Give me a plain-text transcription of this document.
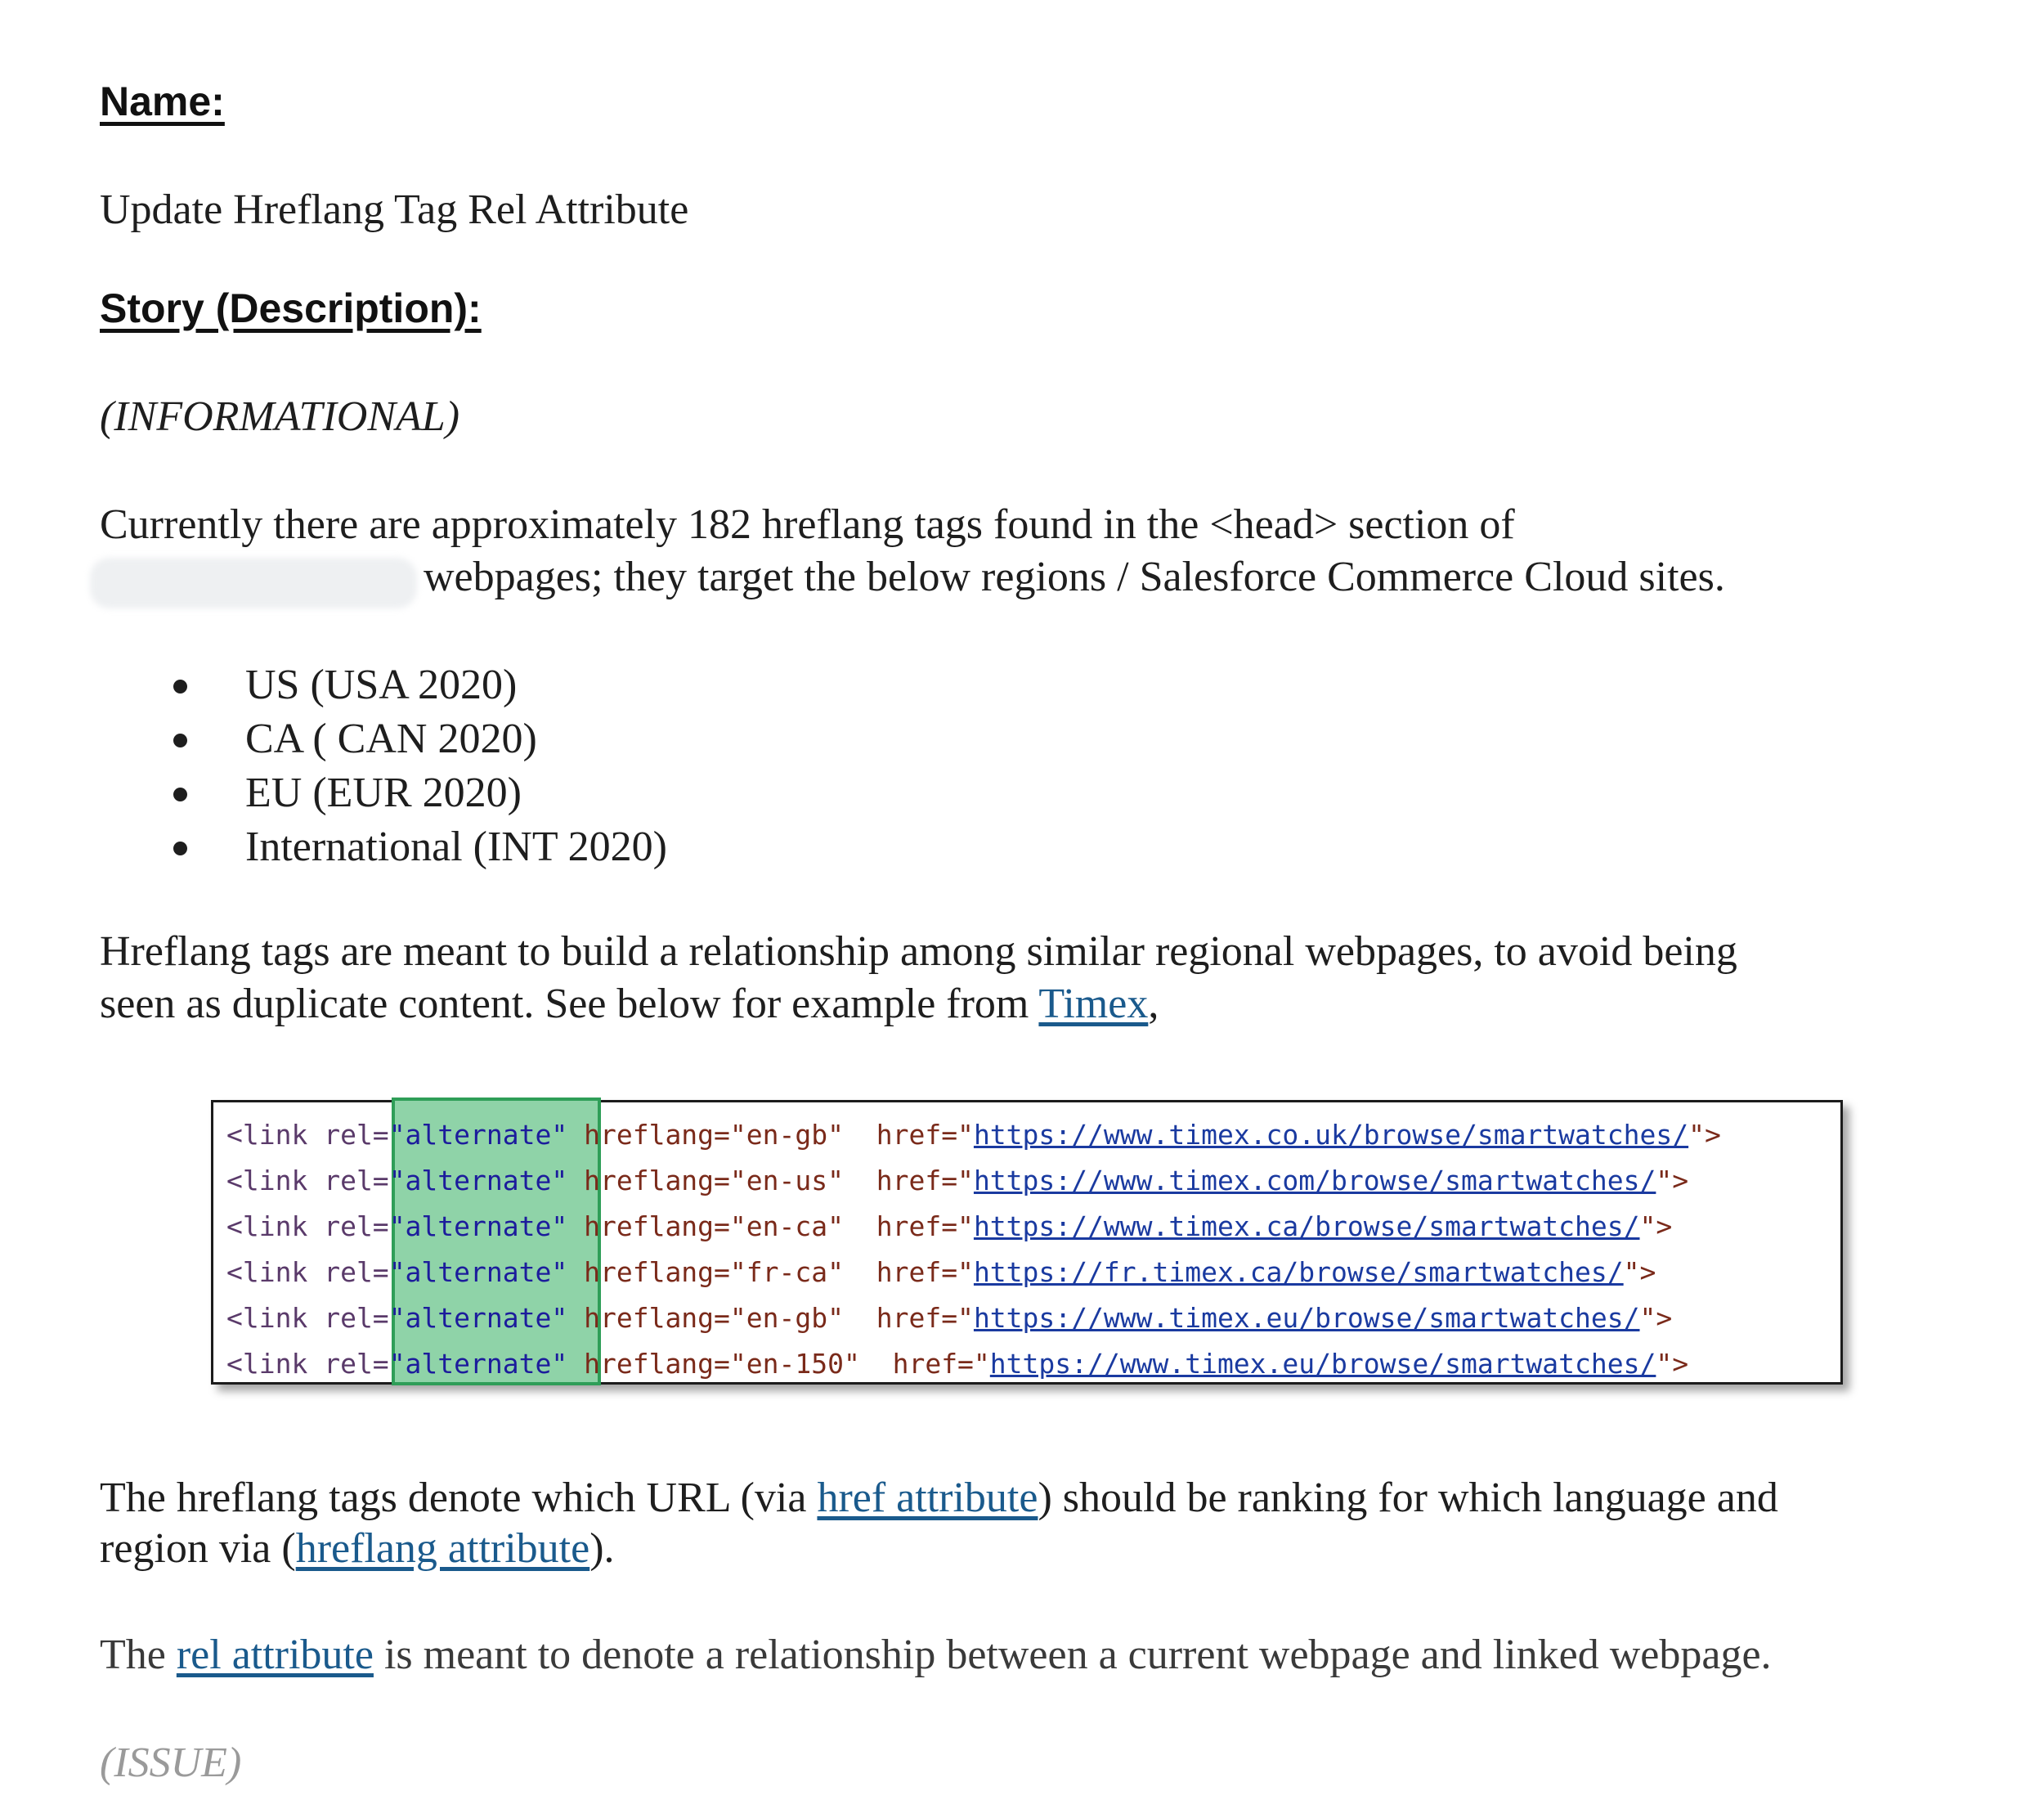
Name:
Update Hreflang Tag Rel Attribute
Story (Description):
(INFORMATIONAL)
Currently there are approximately 182 hreflang tags found in the <head> section of
webpages; they target the below regions / Salesforce Commerce Cloud sites.
US (USA 2020)
CA ( CAN 2020)
EU (EUR 2020)
International (INT 2020)
Hreflang tags are meant to build a relationship among similar regional webpages, to avoid being
seen as duplicate content. See below for example from Timex,
<link rel="alternate" hreflang="en-gb"  href="https://www.timex.co.uk/browse/smartwatches/">
<link rel="alternate" hreflang="en-us"  href="https://www.timex.com/browse/smartwatches/">
<link rel="alternate" hreflang="en-ca"  href="https://www.timex.ca/browse/smartwatches/">
<link rel="alternate" hreflang="fr-ca"  href="https://fr.timex.ca/browse/smartwatches/">
<link rel="alternate" hreflang="en-gb"  href="https://www.timex.eu/browse/smartwatches/">
<link rel="alternate" hreflang="en-150"  href="https://www.timex.eu/browse/smartwatches/">
The hreflang tags denote which URL (via href attribute) should be ranking for which language and
region via (hreflang attribute).
The rel attribute is meant to denote a relationship between a current webpage and linked webpage.
(ISSUE)
